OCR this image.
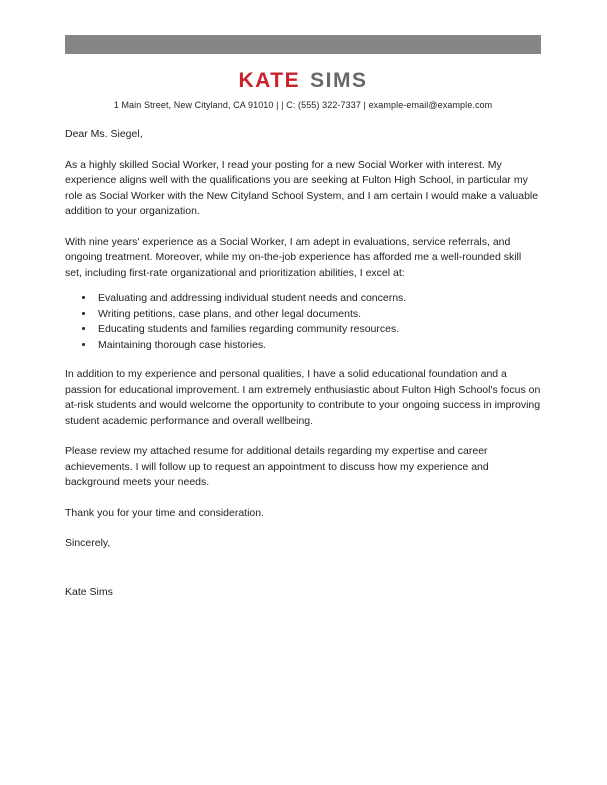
KATE SIMS
1 Main Street, New Cityland, CA 91010 | | C: (555) 322-7337 | example-email@example.com

Dear Ms. Siegel,

As a highly skilled Social Worker, I read your posting for a new Social Worker with interest. My experience aligns well with the qualifications you are seeking at Fulton High School, in particular my role as Social Worker with the New Cityland School System, and I am certain I would make a valuable addition to your organization.

With nine years' experience as a Social Worker, I am adept in evaluations, service referrals, and ongoing treatment. Moreover, while my on-the-job experience has afforded me a well-rounded skill set, including first-rate organizational and prioritization abilities, I excel at:

• Evaluating and addressing individual student needs and concerns.
• Writing petitions, case plans, and other legal documents.
• Educating students and families regarding community resources.
• Maintaining thorough case histories.

In addition to my experience and personal qualities, I have a solid educational foundation and a passion for educational improvement. I am extremely enthusiastic about Fulton High School's focus on at-risk students and would welcome the opportunity to contribute to your ongoing success in improving student academic performance and overall wellbeing.

Please review my attached resume for additional details regarding my expertise and career achievements. I will follow up to request an appointment to discuss how my experience and background meets your needs.

Thank you for your time and consideration.

Sincerely,

Kate Sims
